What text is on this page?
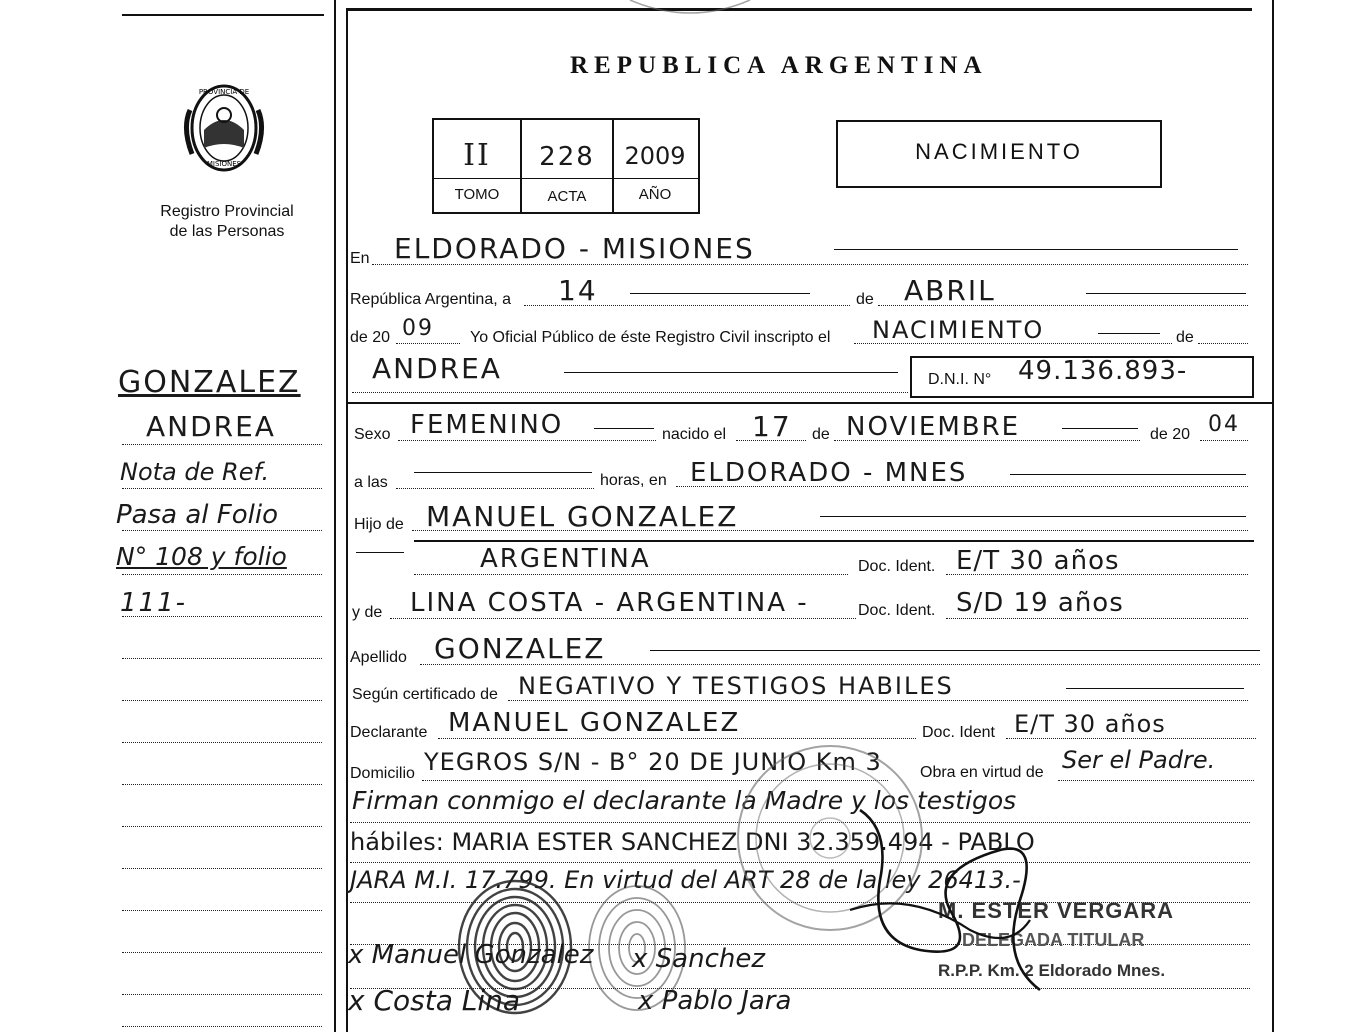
PROVINCIA DE
MISIONES
Registro Provincial
de las Personas
GONZALEZ
ANDREA
Nota de Ref.
Pasa al Folio
N° 108 y folio
111-
REPUBLICA ARGENTINA
II	228	2009
TOMO	ACTA	AÑO
NACIMIENTO
En ELDORADO - MISIONES
República Argentina, a 14	de ABRIL
de 20 09 Yo Oficial Público de éste Registro Civil inscripto el NACIMIENTO	de
ANDREA	D.N.I. N° 49.136.893-
Sexo FEMENINO	nacido el 17 de NOVIEMBRE	de 20 04
a las	horas, en ELDORADO - MNES
Hijo de MANUEL GONZALEZ
ARGENTINA	Doc. Ident. E/T 30 años
y de LINA COSTA - ARGENTINA -	Doc. Ident. S/D 19 años
Apellido GONZALEZ
Según certificado de NEGATIVO Y TESTIGOS HABILES
Declarante MANUEL GONZALEZ	Doc. Ident E/T 30 años
Domicilio YEGROS S/N - B° 20 DE JUNIO Km 3 Obra en virtud de Ser el Padre.
Firman conmigo el declarante la Madre y los testigos
hábiles: MARIA ESTER SANCHEZ DNI 32.359.494 - PABLO
JARA M.I. 17.799. En virtud del ART 28 de la ley 26413.-
M. ESTER VERGARA
DELEGADA TITULAR
R.P.P. Km. 2 Eldorado Mnes.
x Manuel Gonzalez x Sanchez
x Costa Lina	x Pablo Jara
